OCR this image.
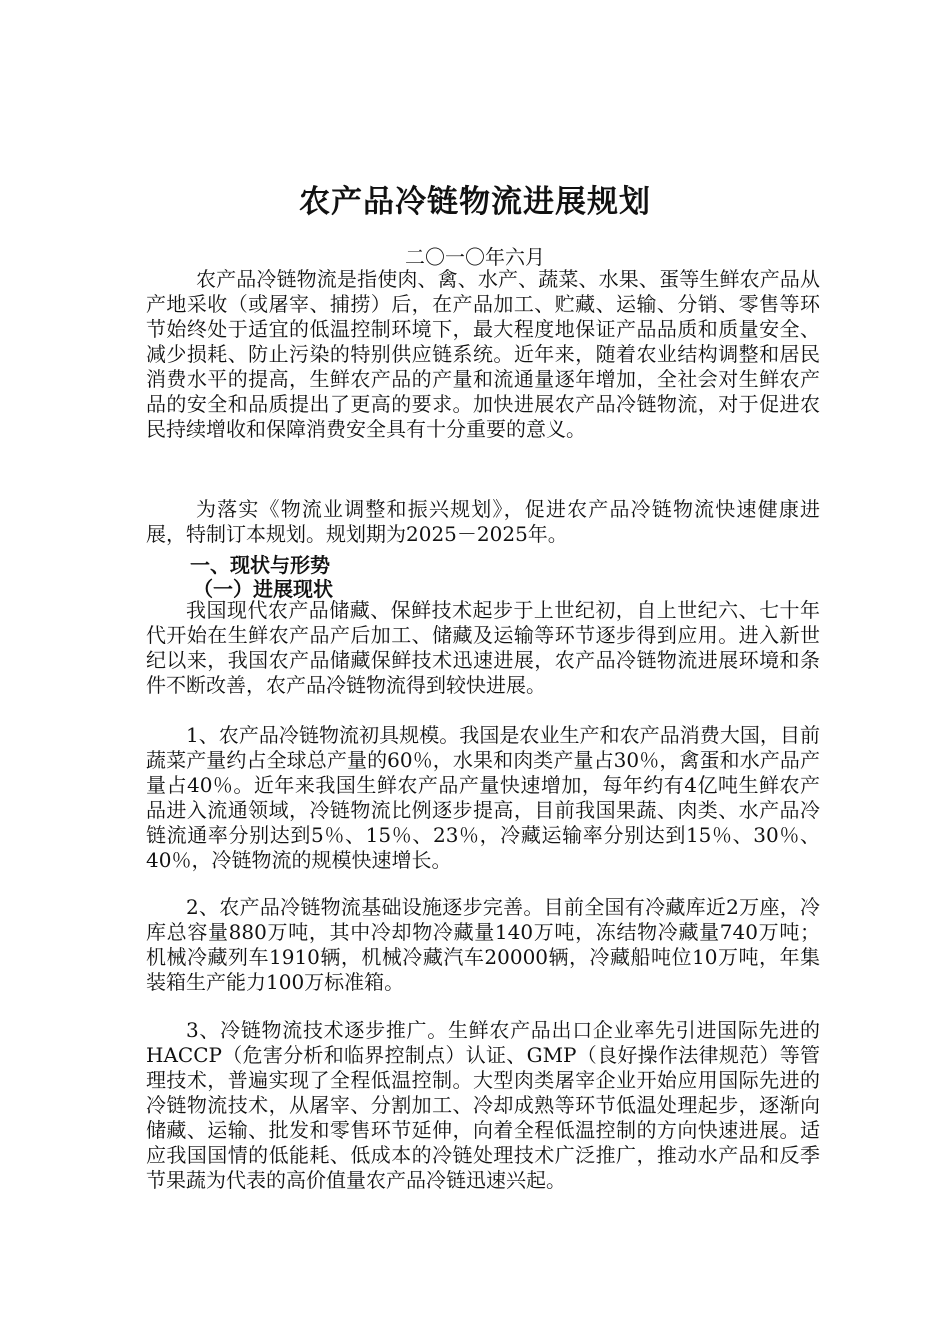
农产品冷链物流进展规划

二〇一〇年六月

农产品冷链物流是指使肉、禽、水产、蔬菜、水果、蛋等生鲜农产品从产地采收（或屠宰、捕捞）后，在产品加工、贮藏、运输、分销、零售等环节始终处于适宜的低温控制环境下，最大程度地保证产品品质和质量安全、减少损耗、防止污染的特别供应链系统。近年来，随着农业结构调整和居民消费水平的提高，生鲜农产品的产量和流通量逐年增加，全社会对生鲜农产品的安全和品质提出了更高的要求。加快进展农产品冷链物流，对于促进农民持续增收和保障消费安全具有十分重要的意义。

为落实《物流业调整和振兴规划》，促进农产品冷链物流快速健康进展，特制订本规划。规划期为2025－2025年。

一、现状与形势
（一）进展现状

我国现代农产品储藏、保鲜技术起步于上世纪初，自上世纪六、七十年代开始在生鲜农产品产后加工、储藏及运输等环节逐步得到应用。进入新世纪以来，我国农产品储藏保鲜技术迅速进展，农产品冷链物流进展环境和条件不断改善，农产品冷链物流得到较快进展。

1、农产品冷链物流初具规模。我国是农业生产和农产品消费大国，目前蔬菜产量约占全球总产量的60％，水果和肉类产量占30％，禽蛋和水产品产量占40％。近年来我国生鲜农产品产量快速增加，每年约有4亿吨生鲜农产品进入流通领域，冷链物流比例逐步提高，目前我国果蔬、肉类、水产品冷链流通率分别达到5％、15％、23％，冷藏运输率分别达到15％、30％、40％，冷链物流的规模快速增长。

2、农产品冷链物流基础设施逐步完善。目前全国有冷藏库近2万座，冷库总容量880万吨，其中冷却物冷藏量140万吨，冻结物冷藏量740万吨；机械冷藏列车1910辆，机械冷藏汽车20000辆，冷藏船吨位10万吨，年集装箱生产能力100万标准箱。

3、冷链物流技术逐步推广。生鲜农产品出口企业率先引进国际先进的HACCP（危害分析和临界控制点）认证、GMP（良好操作法律规范）等管理技术，普遍实现了全程低温控制。大型肉类屠宰企业开始应用国际先进的冷链物流技术，从屠宰、分割加工、冷却成熟等环节低温处理起步，逐渐向储藏、运输、批发和零售环节延伸，向着全程低温控制的方向快速进展。适应我国国情的低能耗、低成本的冷链处理技术广泛推广，推动水产品和反季节果蔬为代表的高价值量农产品冷链迅速兴起。
